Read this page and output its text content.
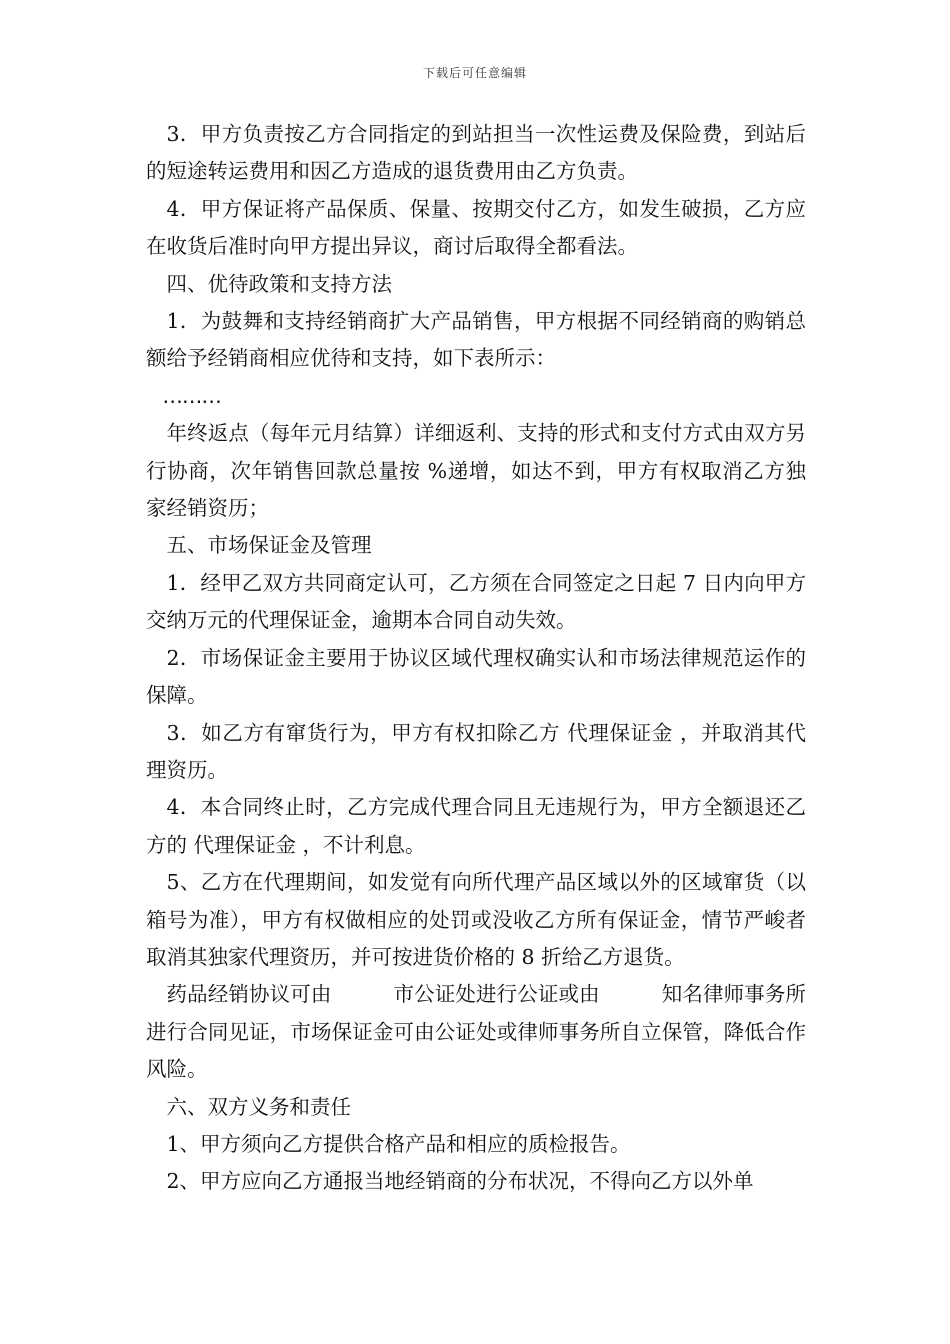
下载后可任意编辑

3．甲方负责按乙方合同指定的到站担当一次性运费及保险费，到站后的短途转运费用和因乙方造成的退货费用由乙方负责。

4．甲方保证将产品保质、保量、按期交付乙方，如发生破损，乙方应在收货后准时向甲方提出异议，商讨后取得全都看法。

四、优待政策和支持方法

1．为鼓舞和支持经销商扩大产品销售，甲方根据不同经销商的购销总额给予经销商相应优待和支持，如下表所示：

………

年终返点（每年元月结算）详细返利、支持的形式和支付方式由双方另行协商，次年销售回款总量按 %递增，如达不到，甲方有权取消乙方独家经销资历；

五、市场保证金及管理

1．经甲乙双方共同商定认可，乙方须在合同签定之日起 7 日内向甲方交纳万元的代理保证金，逾期本合同自动失效。

2．市场保证金主要用于协议区域代理权确实认和市场法律规范运作的保障。

3．如乙方有窜货行为，甲方有权扣除乙方 代理保证金 ，并取消其代理资历。

4．本合同终止时，乙方完成代理合同且无违规行为，甲方全额退还乙方的 代理保证金 ，不计利息。

5、乙方在代理期间，如发觉有向所代理产品区域以外的区域窜货（以箱号为准），甲方有权做相应的处罚或没收乙方所有保证金，情节严峻者取消其独家代理资历，并可按进货价格的 8 折给乙方退货。

药品经销协议可由　　　市公证处进行公证或由　　　知名律师事务所进行合同见证，市场保证金可由公证处或律师事务所自立保管，降低合作风险。

六、双方义务和责任

1、甲方须向乙方提供合格产品和相应的质检报告。

2、甲方应向乙方通报当地经销商的分布状况，不得向乙方以外单
